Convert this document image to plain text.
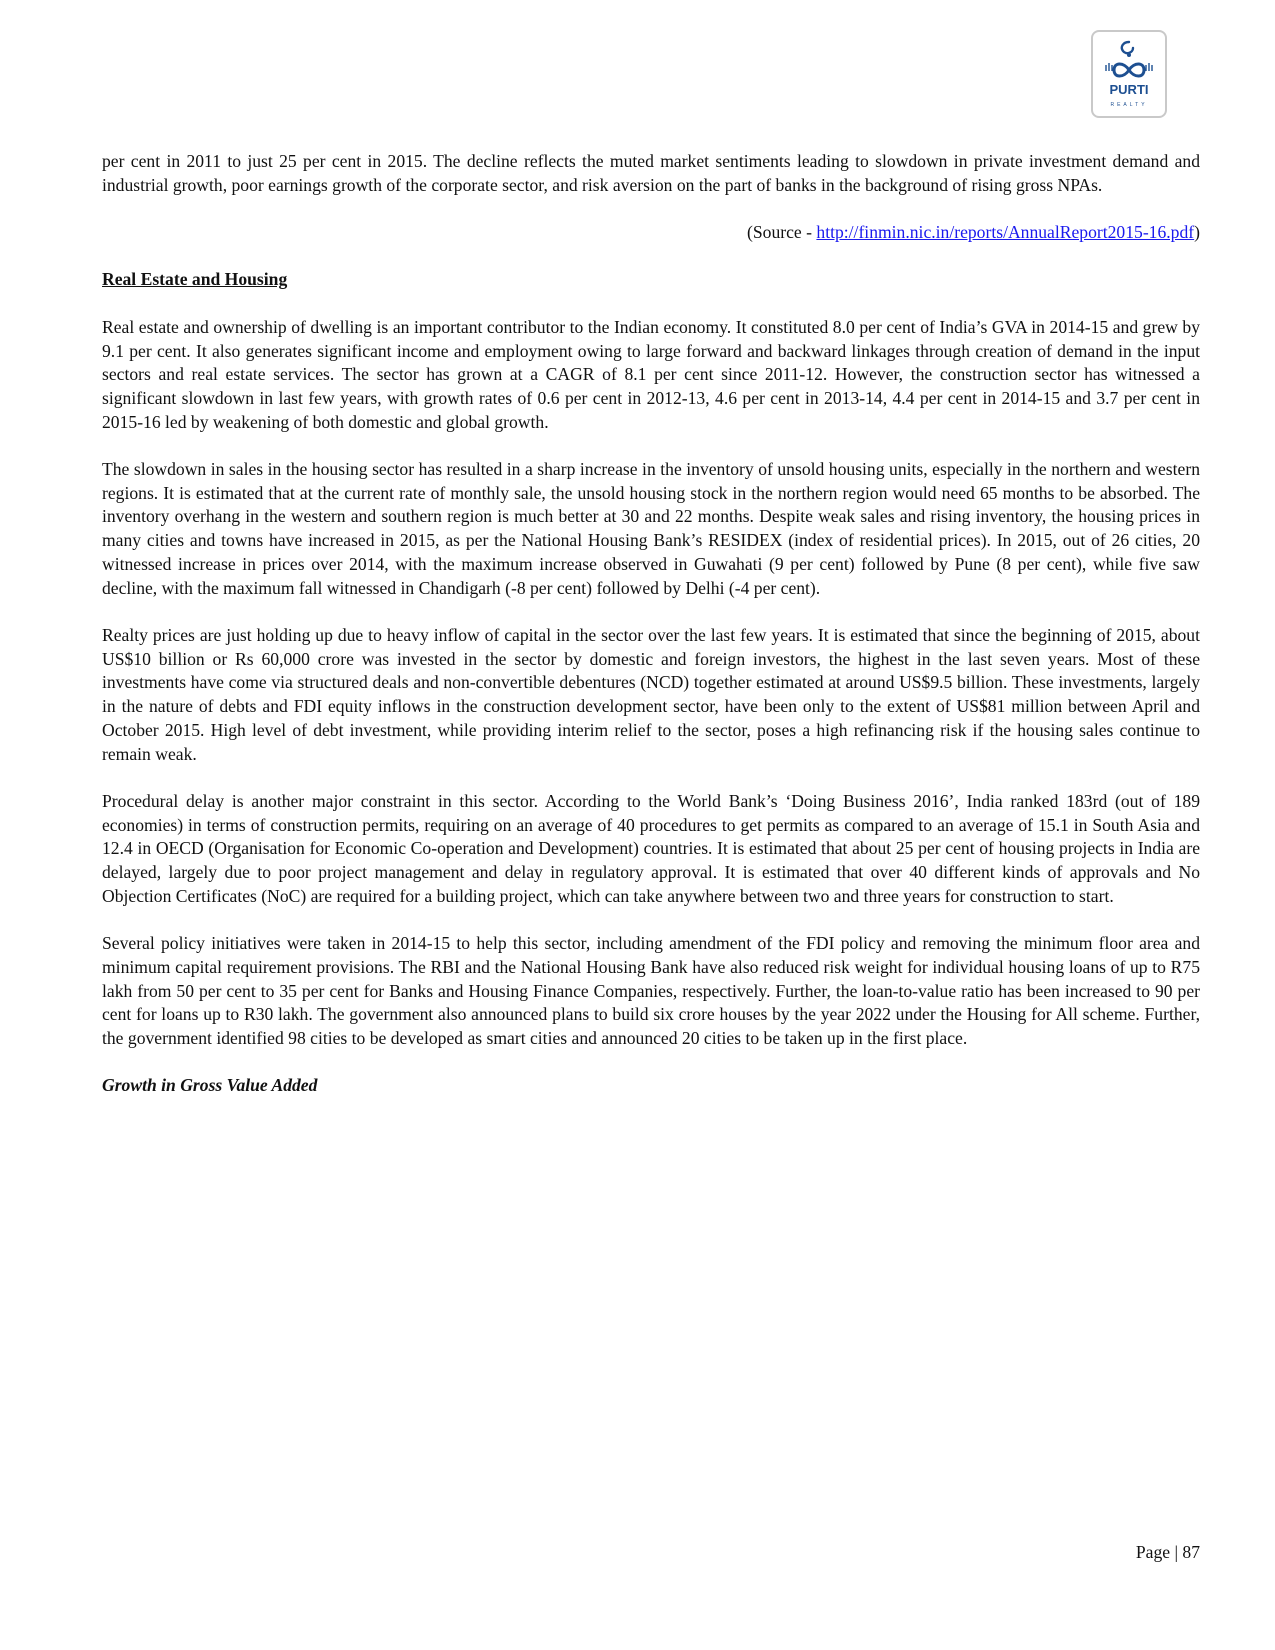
PURTI
REALTY

per cent in 2011 to just 25 per cent in 2015. The decline reflects the muted market sentiments leading to slowdown in private investment demand and industrial growth, poor earnings growth of the corporate sector, and risk aversion on the part of banks in the background of rising gross NPAs.

(Source - http://finmin.nic.in/reports/AnnualReport2015-16.pdf)
Real Estate and Housing

Real estate and ownership of dwelling is an important contributor to the Indian economy. It constituted 8.0 per cent of India’s GVA in 2014-15 and grew by 9.1 per cent. It also generates significant income and employment owing to large forward and backward linkages through creation of demand in the input sectors and real estate services. The sector has grown at a CAGR of 8.1 per cent since 2011-12. However, the construction sector has witnessed a significant slowdown in last few years, with growth rates of 0.6 per cent in 2012-13, 4.6 per cent in 2013-14, 4.4 per cent in 2014-15 and 3.7 per cent in 2015-16 led by weakening of both domestic and global growth.

The slowdown in sales in the housing sector has resulted in a sharp increase in the inventory of unsold housing units, especially in the northern and western regions. It is estimated that at the current rate of monthly sale, the unsold housing stock in the northern region would need 65 months to be absorbed. The inventory overhang in the western and southern region is much better at 30 and 22 months. Despite weak sales and rising inventory, the housing prices in many cities and towns have increased in 2015, as per the National Housing Bank’s RESIDEX (index of residential prices). In 2015, out of 26 cities, 20 witnessed increase in prices over 2014, with the maximum increase observed in Guwahati (9 per cent) followed by Pune (8 per cent), while five saw decline, with the maximum fall witnessed in Chandigarh (-8 per cent) followed by Delhi (-4 per cent).

Realty prices are just holding up due to heavy inflow of capital in the sector over the last few years. It is estimated that since the beginning of 2015, about US$10 billion or Rs 60,000 crore was invested in the sector by domestic and foreign investors, the highest in the last seven years. Most of these investments have come via structured deals and non-convertible debentures (NCD) together estimated at around US$9.5 billion. These investments, largely in the nature of debts and FDI equity inflows in the construction development sector, have been only to the extent of US$81 million between April and October 2015. High level of debt investment, while providing interim relief to the sector, poses a high refinancing risk if the housing sales continue to remain weak.

Procedural delay is another major constraint in this sector. According to the World Bank’s ‘Doing Business 2016’, India ranked 183rd (out of 189 economies) in terms of construction permits, requiring on an average of 40 procedures to get permits as compared to an average of 15.1 in South Asia and 12.4 in OECD (Organisation for Economic Co-operation and Development) countries. It is estimated that about 25 per cent of housing projects in India are delayed, largely due to poor project management and delay in regulatory approval. It is estimated that over 40 different kinds of approvals and No Objection Certificates (NoC) are required for a building project, which can take anywhere between two and three years for construction to start.

Several policy initiatives were taken in 2014-15 to help this sector, including amendment of the FDI policy and removing the minimum floor area and minimum capital requirement provisions. The RBI and the National Housing Bank have also reduced risk weight for individual housing loans of up to R75 lakh from 50 per cent to 35 per cent for Banks and Housing Finance Companies, respectively. Further, the loan-to-value ratio has been increased to 90 per cent for loans up to R30 lakh. The government also announced plans to build six crore houses by the year 2022 under the Housing for All scheme. Further, the government identified 98 cities to be developed as smart cities and announced 20 cities to be taken up in the first place.

Growth in Gross Value Added
Page | 87
